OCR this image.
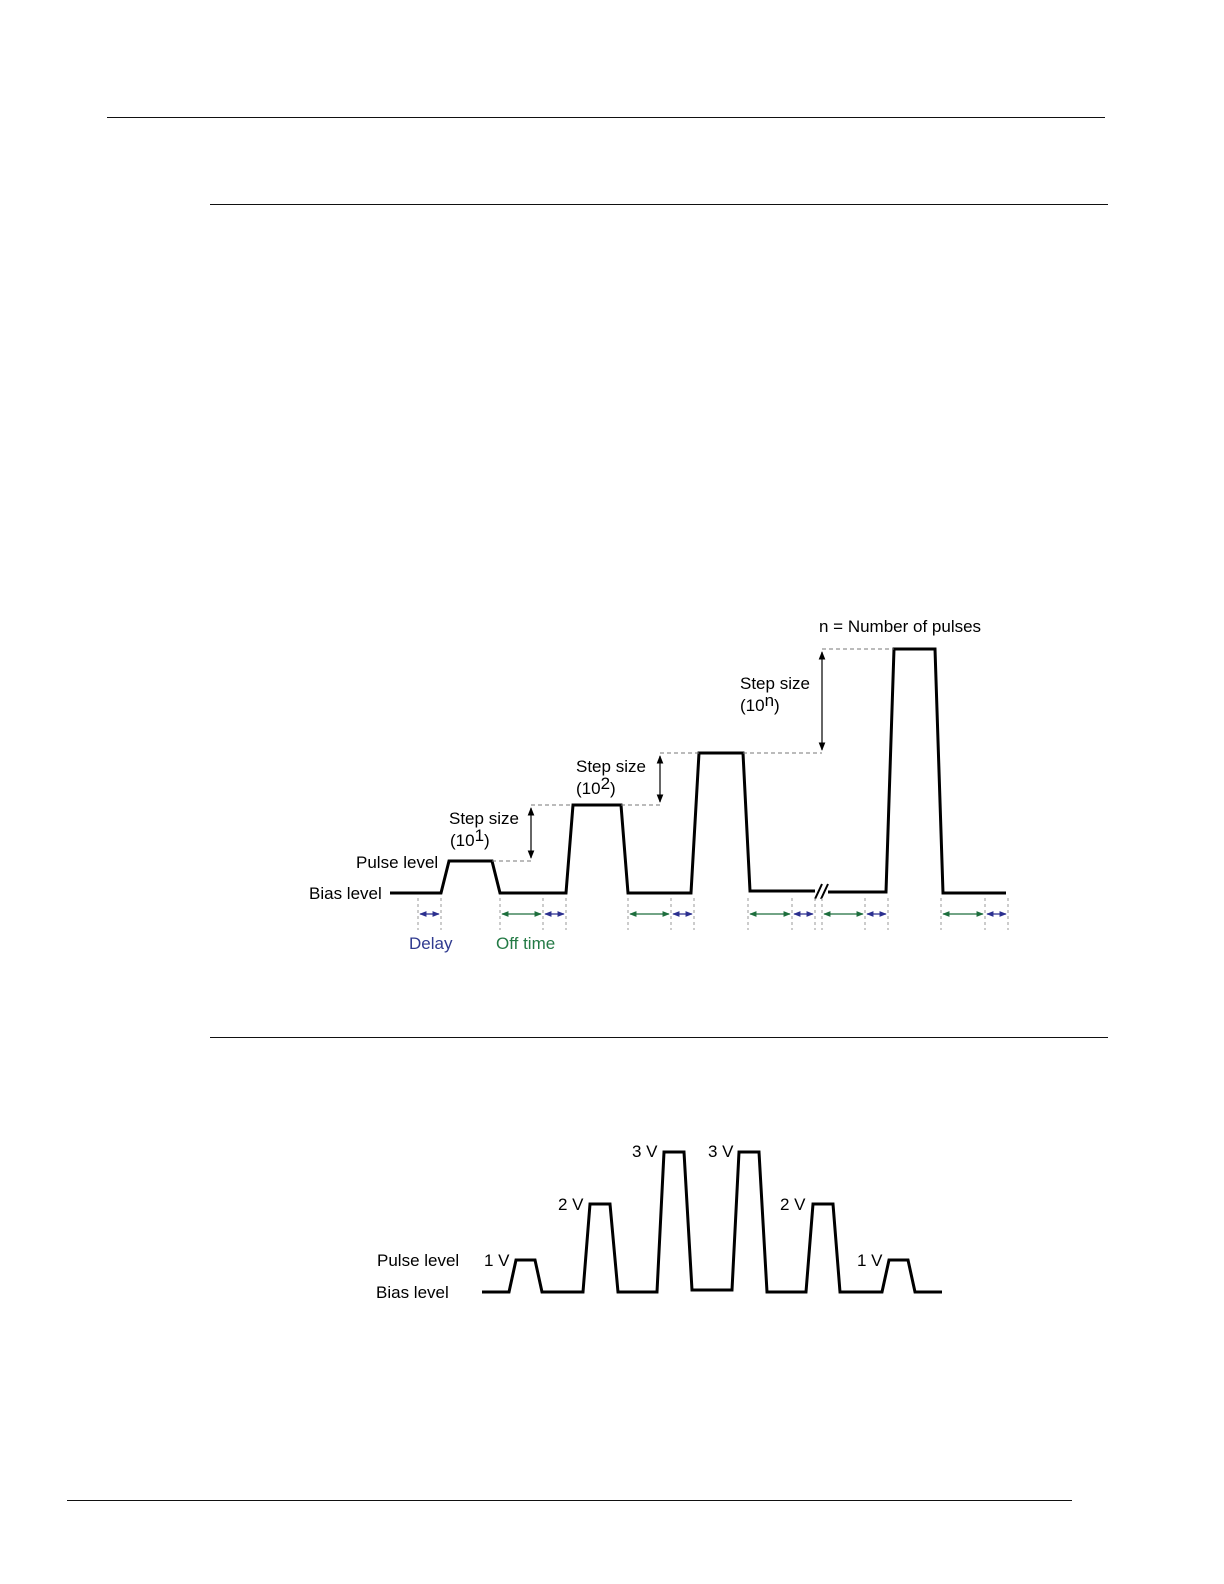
Bias level
Pulse level
Step size
(101)
Step size
(102)
Step size
(10n)
n = Number of pulses
Delay	Off time
Pulse level
Bias level
1 V
2 V
3 V	3 V
2 V
1 V
